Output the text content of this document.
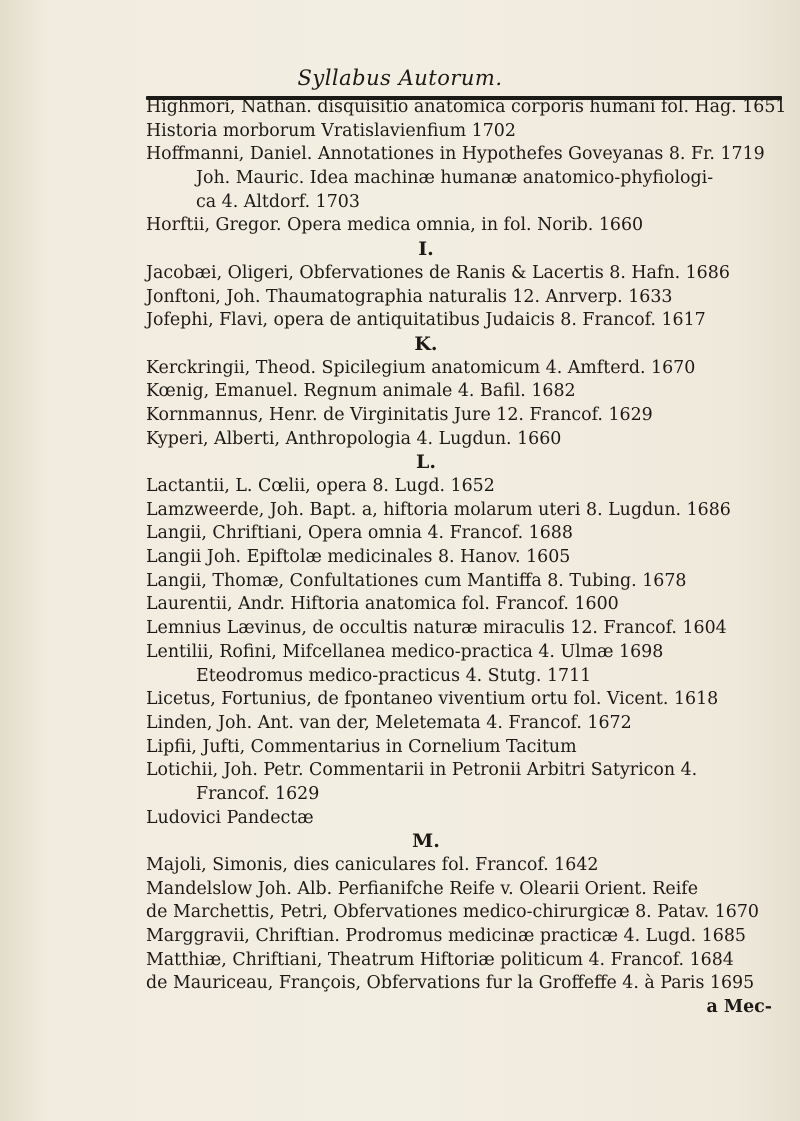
Syllabus Autorum.
Highmori, Nathan. disquisitio anatomica corporis humani fol. Hag. 1651
Historia morborum Vratislavienfium 1702
Hoffmanni, Daniel. Annotationes in Hypothefes Goveyanas 8. Fr. 1719
Joh. Mauric. Idea machinæ humanæ anatomico-phyfiologi-
ca 4. Altdorf. 1703
Horftii, Gregor. Opera medica omnia, in fol. Norib. 1660
I.
Jacobæi, Oligeri, Obfervationes de Ranis & Lacertis 8. Hafn. 1686
Jonftoni, Joh. Thaumatographia naturalis 12. Anrverp. 1633
Jofephi, Flavi, opera de antiquitatibus Judaicis 8. Francof. 1617
K.
Kerckringii, Theod. Spicilegium anatomicum 4. Amfterd. 1670
Kœnig, Emanuel. Regnum animale 4. Bafil. 1682
Kornmannus, Henr. de Virginitatis Jure 12. Francof. 1629
Kyperi, Alberti, Anthropologia 4. Lugdun. 1660
L.
Lactantii, L. Cœlii, opera 8. Lugd. 1652
Lamzweerde, Joh. Bapt. a, hiftoria molarum uteri 8. Lugdun. 1686
Langii, Chriftiani, Opera omnia 4. Francof. 1688
Langii Joh. Epiftolæ medicinales 8. Hanov. 1605
Langii, Thomæ, Confultationes cum Mantiffa 8. Tubing. 1678
Laurentii, Andr. Hiftoria anatomica fol. Francof. 1600
Lemnius Lævinus, de occultis naturæ miraculis 12. Francof. 1604
Lentilii, Rofini, Mifcellanea medico-practica 4. Ulmæ 1698
Eteodromus medico-practicus 4. Stutg. 1711
Licetus, Fortunius, de fpontaneo viventium ortu fol. Vicent. 1618
Linden, Joh. Ant. van der, Meletemata 4. Francof. 1672
Lipfii, Jufti, Commentarius in Cornelium Tacitum
Lotichii, Joh. Petr. Commentarii in Petronii Arbitri Satyricon 4.
Francof. 1629
Ludovici Pandectæ
M.
Majoli, Simonis, dies caniculares fol. Francof. 1642
Mandelslow Joh. Alb. Perfianifche Reife v. Olearii Orient. Reife
de Marchettis, Petri, Obfervationes medico-chirurgicæ 8. Patav. 1670
Marggravii, Chriftian. Prodromus medicinæ practicæ 4. Lugd. 1685
Matthiæ, Chriftiani, Theatrum Hiftoriæ politicum 4. Francof. 1684
de Mauriceau, François, Obfervations fur la Groffeffe 4. à Paris 1695
a Mec-
